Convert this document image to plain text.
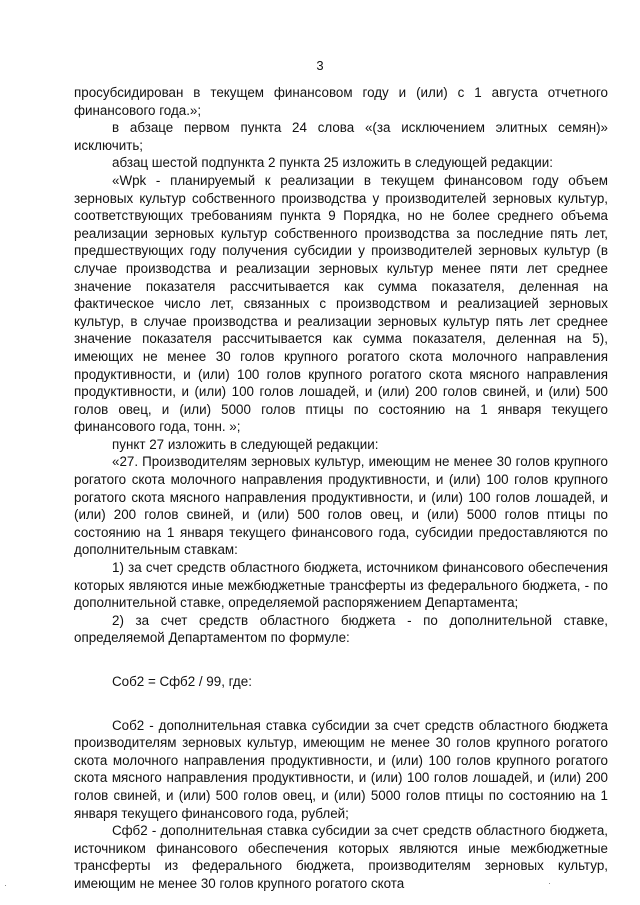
3

просубсидирован в текущем финансовом году и (или) с 1 августа отчетного финансового года.»;

в абзаце первом пункта 24 слова «(за исключением элитных семян)» исключить;

абзац шестой подпункта 2 пункта 25 изложить в следующей редакции:

«Wpk - планируемый к реализации в текущем финансовом году объем зерновых культур собственного производства у производителей зерновых культур, соответствующих требованиям пункта 9 Порядка, но не более среднего объема реализации зерновых культур собственного производства за последние пять лет, предшествующих году получения субсидии у производителей зерновых культур (в случае производства и реализации зерновых культур менее пяти лет среднее значение показателя рассчитывается как сумма показателя, деленная на фактическое число лет, связанных с производством и реализацией зерновых культур, в случае производства и реализации зерновых культур пять лет среднее значение показателя рассчитывается как сумма показателя, деленная на 5), имеющих не менее 30 голов крупного рогатого скота молочного направления продуктивности, и (или) 100 голов крупного рогатого скота мясного направления продуктивности, и (или) 100 голов лошадей, и (или) 200 голов свиней, и (или) 500 голов овец, и (или) 5000 голов птицы по состоянию на 1 января текущего финансового года, тонн. »;

пункт 27 изложить в следующей редакции:

«27. Производителям зерновых культур, имеющим не менее 30 голов крупного рогатого скота молочного направления продуктивности, и (или) 100 голов крупного рогатого скота мясного направления продуктивности, и (или) 100 голов лошадей, и (или) 200 голов свиней, и (или) 500 голов овец, и (или) 5000 голов птицы по состоянию на 1 января текущего финансового года, субсидии предоставляются по дополнительным ставкам:

1) за счет средств областного бюджета, источником финансового обеспечения которых являются иные межбюджетные трансферты из федерального бюджета, - по дополнительной ставке, определяемой распоряжением Департамента;

2) за счет средств областного бюджета - по дополнительной ставке, определяемой Департаментом по формуле:

Соб2 = Сфб2 / 99, где:

Соб2 - дополнительная ставка субсидии за счет средств областного бюджета производителям зерновых культур, имеющим не менее 30 голов крупного рогатого скота молочного направления продуктивности, и (или) 100 голов крупного рогатого скота мясного направления продуктивности, и (или) 100 голов лошадей, и (или) 200 голов свиней, и (или) 500 голов овец, и (или) 5000 голов птицы по состоянию на 1 января текущего финансового года, рублей;

Сфб2 - дополнительная ставка субсидии за счет средств областного бюджета, источником финансового обеспечения которых являются иные межбюджетные трансферты из федерального бюджета, производителям зерновых культур, имеющим не менее 30 голов крупного рогатого скота

·	·
